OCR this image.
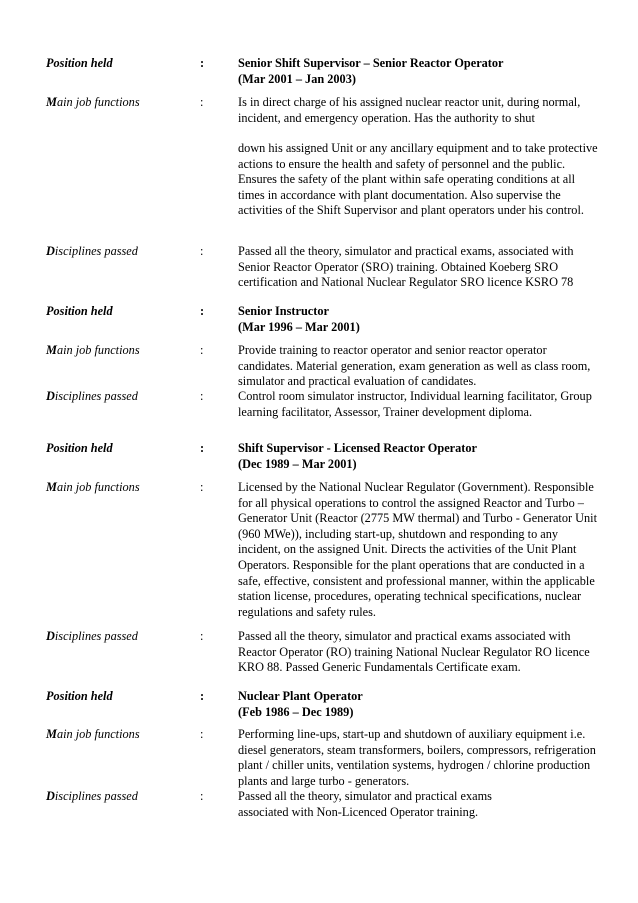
Position held	:	Senior Shift Supervisor – Senior Reactor Operator

(Mar 2001 – Jan 2003)

Main job functions	:	Is in direct charge of his assigned nuclear reactor unit, during normal, incident, and emergency operation. Has the authority to shut

down his assigned Unit or any ancillary equipment and to take protective actions to ensure the health and safety of personnel and the public.

Ensures the safety of the plant within safe operating conditions at all times in accordance with plant documentation. Also supervise the activities of the Shift Supervisor and plant operators under his control.

Disciplines passed	:	Passed all the theory, simulator and practical exams, associated with Senior Reactor Operator (SRO) training. Obtained Koeberg SRO certification and National Nuclear Regulator SRO licence KSRO 78

Position held	:	Senior Instructor

(Mar 1996 – Mar 2001)

Main job functions	:	Provide training to reactor operator and senior reactor operator candidates. Material generation, exam generation as well as class room, simulator and practical evaluation of candidates.

Disciplines passed	:	Control room simulator instructor, Individual learning facilitator, Group learning facilitator, Assessor, Trainer development diploma.

Position held	:	Shift Supervisor - Licensed Reactor Operator

(Dec 1989 – Mar 2001)

Main job functions	:	Licensed by the National Nuclear Regulator (Government). Responsible for all physical operations to control the assigned Reactor and Turbo – Generator Unit (Reactor (2775 MW thermal) and Turbo - Generator Unit (960 MWe)), including start-up, shutdown and responding to any incident, on the assigned Unit. Directs the activities of the Unit Plant Operators. Responsible for the plant operations that are conducted in a safe, effective, consistent and professional manner, within the applicable station license, procedures, operating technical specifications, nuclear regulations and safety rules.

Disciplines passed	:	Passed all the theory, simulator and practical exams associated with Reactor Operator (RO) training National Nuclear Regulator RO licence KRO 88. Passed Generic Fundamentals Certificate exam.

Position held	:	Nuclear Plant Operator

(Feb 1986 – Dec 1989)

Main job functions	:	Performing line-ups, start-up and shutdown of auxiliary equipment i.e. diesel generators, steam transformers, boilers, compressors, refrigeration plant / chiller units, ventilation systems, hydrogen / chlorine production plants and large turbo - generators.

Disciplines passed	:	Passed all the theory, simulator and practical exams

associated with Non-Licenced Operator training.
